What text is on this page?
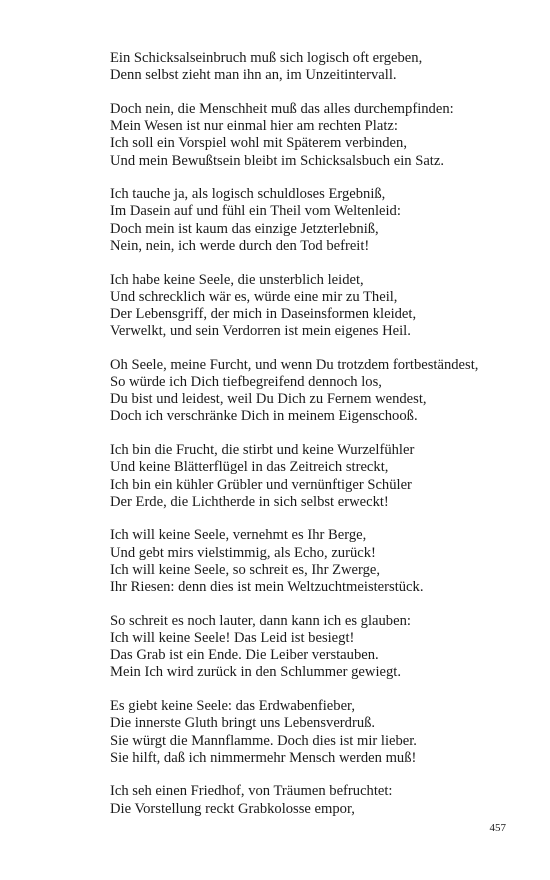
Ein Schicksalseinbruch muß sich logisch oft ergeben,
Denn selbst zieht man ihn an, im Unzeitintervall.
Doch nein, die Menschheit muß das alles durchempfinden:
Mein Wesen ist nur einmal hier am rechten Platz:
Ich soll ein Vorspiel wohl mit Späterem verbinden,
Und mein Bewußtsein bleibt im Schicksalsbuch ein Satz.
Ich tauche ja, als logisch schuldloses Ergebniß,
Im Dasein auf und fühl ein Theil vom Weltenleid:
Doch mein ist kaum das einzige Jetzterlebniß,
Nein, nein, ich werde durch den Tod befreit!
Ich habe keine Seele, die unsterblich leidet,
Und schrecklich wär es, würde eine mir zu Theil,
Der Lebensgriff, der mich in Daseinsformen kleidet,
Verwelkt, und sein Verdorren ist mein eigenes Heil.
Oh Seele, meine Furcht, und wenn Du trotzdem fortbeständest,
So würde ich Dich tiefbegreifend dennoch los,
Du bist und leidest, weil Du Dich zu Fernem wendest,
Doch ich verschränke Dich in meinem Eigenschooß.
Ich bin die Frucht, die stirbt und keine Wurzelfühler
Und keine Blätterflügel in das Zeitreich streckt,
Ich bin ein kühler Grübler und vernünftiger Schüler
Der Erde, die Lichtherde in sich selbst erweckt!
Ich will keine Seele, vernehmt es Ihr Berge,
Und gebt mirs vielstimmig, als Echo, zurück!
Ich will keine Seele, so schreit es, Ihr Zwerge,
Ihr Riesen: denn dies ist mein Weltzuchtmeisterstück.
So schreit es noch lauter, dann kann ich es glauben:
Ich will keine Seele! Das Leid ist besiegt!
Das Grab ist ein Ende. Die Leiber verstauben.
Mein Ich wird zurück in den Schlummer gewiegt.
Es giebt keine Seele: das Erdwabenfieber,
Die innerste Gluth bringt uns Lebensverdruß.
Sie würgt die Mannflamme. Doch dies ist mir lieber.
Sie hilft, daß ich nimmermehr Mensch werden muß!
Ich seh einen Friedhof, von Träumen befruchtet:
Die Vorstellung reckt Grabkolosse empor,
457
